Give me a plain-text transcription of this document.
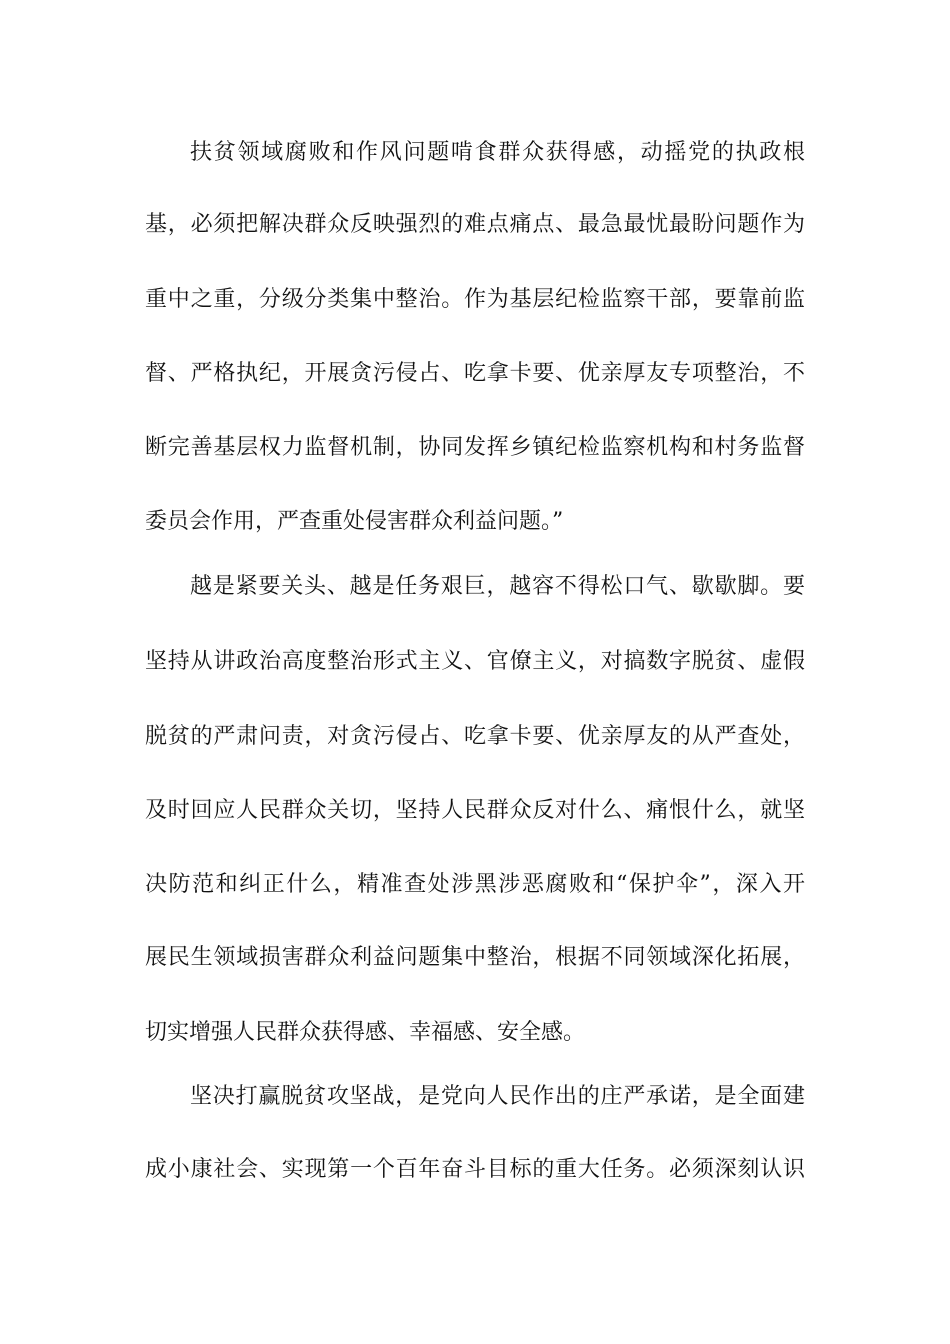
扶贫领域腐败和作风问题啃食群众获得感，动摇党的执政根
基，必须把解决群众反映强烈的难点痛点、最急最忧最盼问题作为
重中之重，分级分类集中整治。作为基层纪检监察干部，要靠前监
督、严格执纪，开展贪污侵占、吃拿卡要、优亲厚友专项整治，不
断完善基层权力监督机制，协同发挥乡镇纪检监察机构和村务监督
委员会作用，严查重处侵害群众利益问题。”
越是紧要关头、越是任务艰巨，越容不得松口气、歇歇脚。要
坚持从讲政治高度整治形式主义、官僚主义，对搞数字脱贫、虚假
脱贫的严肃问责，对贪污侵占、吃拿卡要、优亲厚友的从严查处，
及时回应人民群众关切，坚持人民群众反对什么、痛恨什么，就坚
决防范和纠正什么，精准查处涉黑涉恶腐败和“保护伞”，深入开
展民生领域损害群众利益问题集中整治，根据不同领域深化拓展，
切实增强人民群众获得感、幸福感、安全感。
坚决打赢脱贫攻坚战，是党向人民作出的庄严承诺，是全面建
成小康社会、实现第一个百年奋斗目标的重大任务。必须深刻认识
